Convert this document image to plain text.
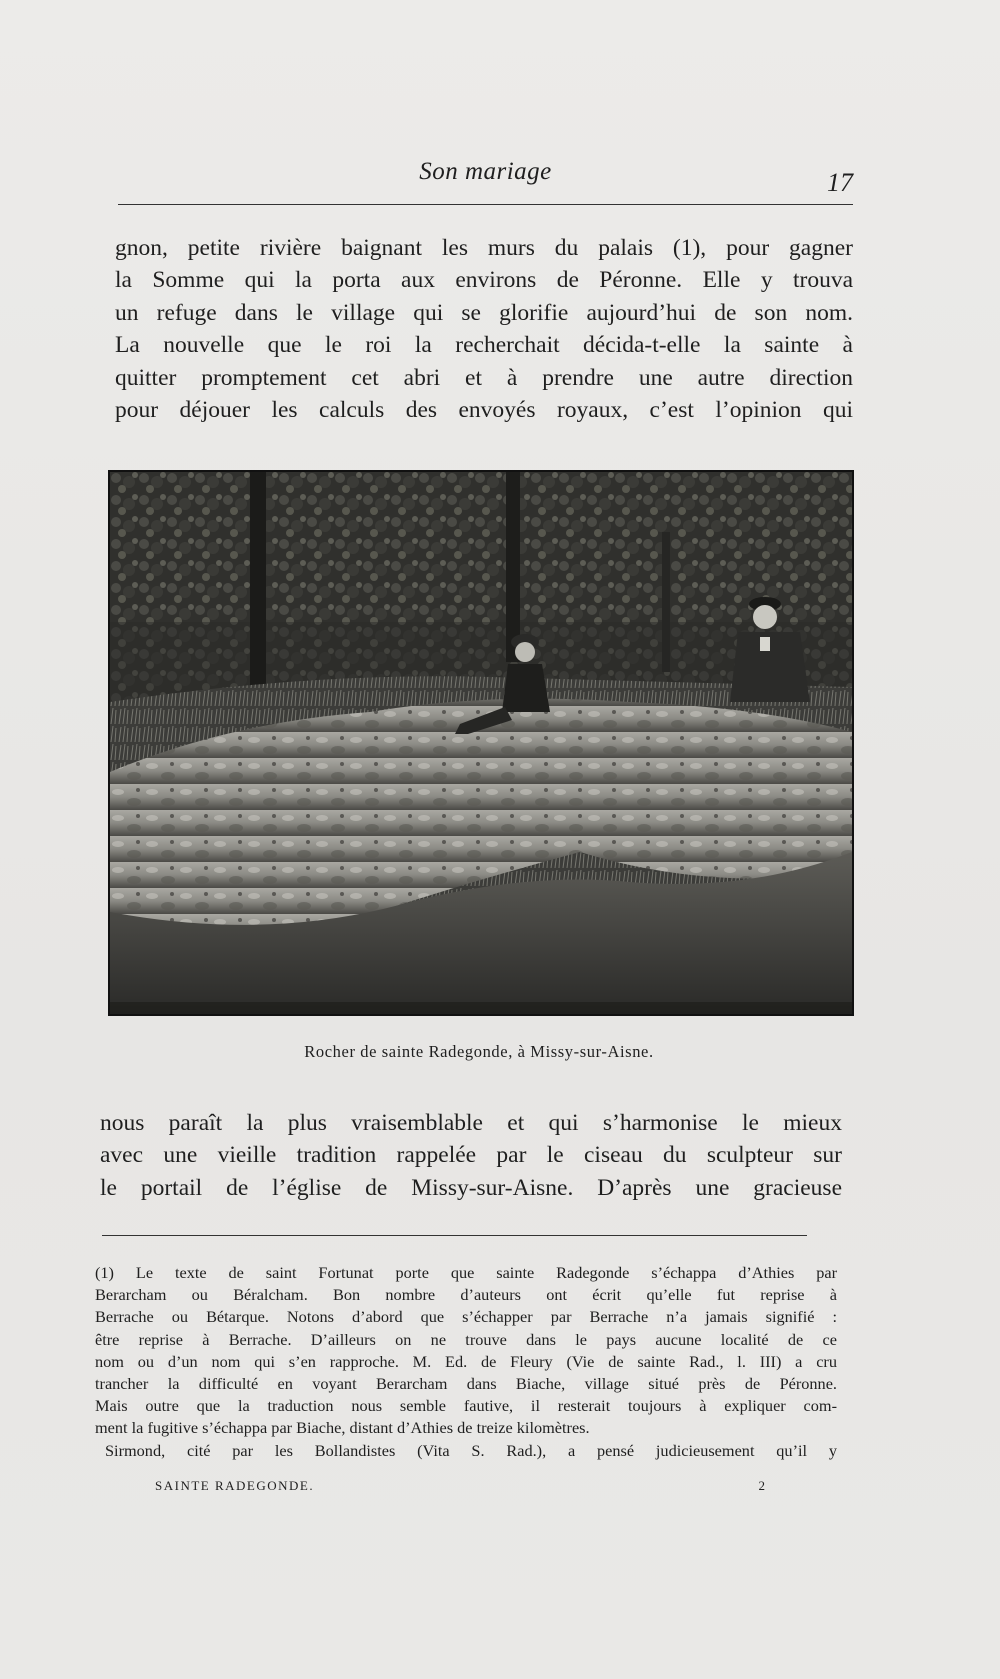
Son mariage	17
gnon, petite rivière baignant les murs du palais (1), pour gagner
la Somme qui la porta aux environs de Péronne. Elle y trouva
un refuge dans le village qui se glorifie aujourd’hui de son nom.
La nouvelle que le roi la recherchait décida-t-elle la sainte à
quitter promptement cet abri et à prendre une autre direction
pour déjouer les calculs des envoyés royaux, c’est l’opinion qui
Rocher de sainte Radegonde, à Missy-sur-Aisne.
nous paraît la plus vraisemblable et qui s’harmonise le mieux
avec une vieille tradition rappelée par le ciseau du sculpteur sur
le portail de l’église de Missy-sur-Aisne. D’après une gracieuse
(1) Le texte de saint Fortunat porte que sainte Radegonde s’échappa d’Athies par
Berarcham ou Béralcham. Bon nombre d’auteurs ont écrit qu’elle fut reprise à
Berrache ou Bétarque. Notons d’abord que s’échapper par Berrache n’a jamais signifié :
être reprise à Berrache. D’ailleurs on ne trouve dans le pays aucune localité de ce
nom ou d’un nom qui s’en rapproche. M. Ed. de Fleury (Vie de sainte Rad., l. III) a cru
trancher la difficulté en voyant Berarcham dans Biache, village situé près de Péronne.
Mais outre que la traduction nous semble fautive, il resterait toujours à expliquer com-
ment la fugitive s’échappa par Biache, distant d’Athies de treize kilomètres.
Sirmond, cité par les Bollandistes (Vita S. Rad.), a pensé judicieusement qu’il y
SAINTE RADEGONDE.	2
